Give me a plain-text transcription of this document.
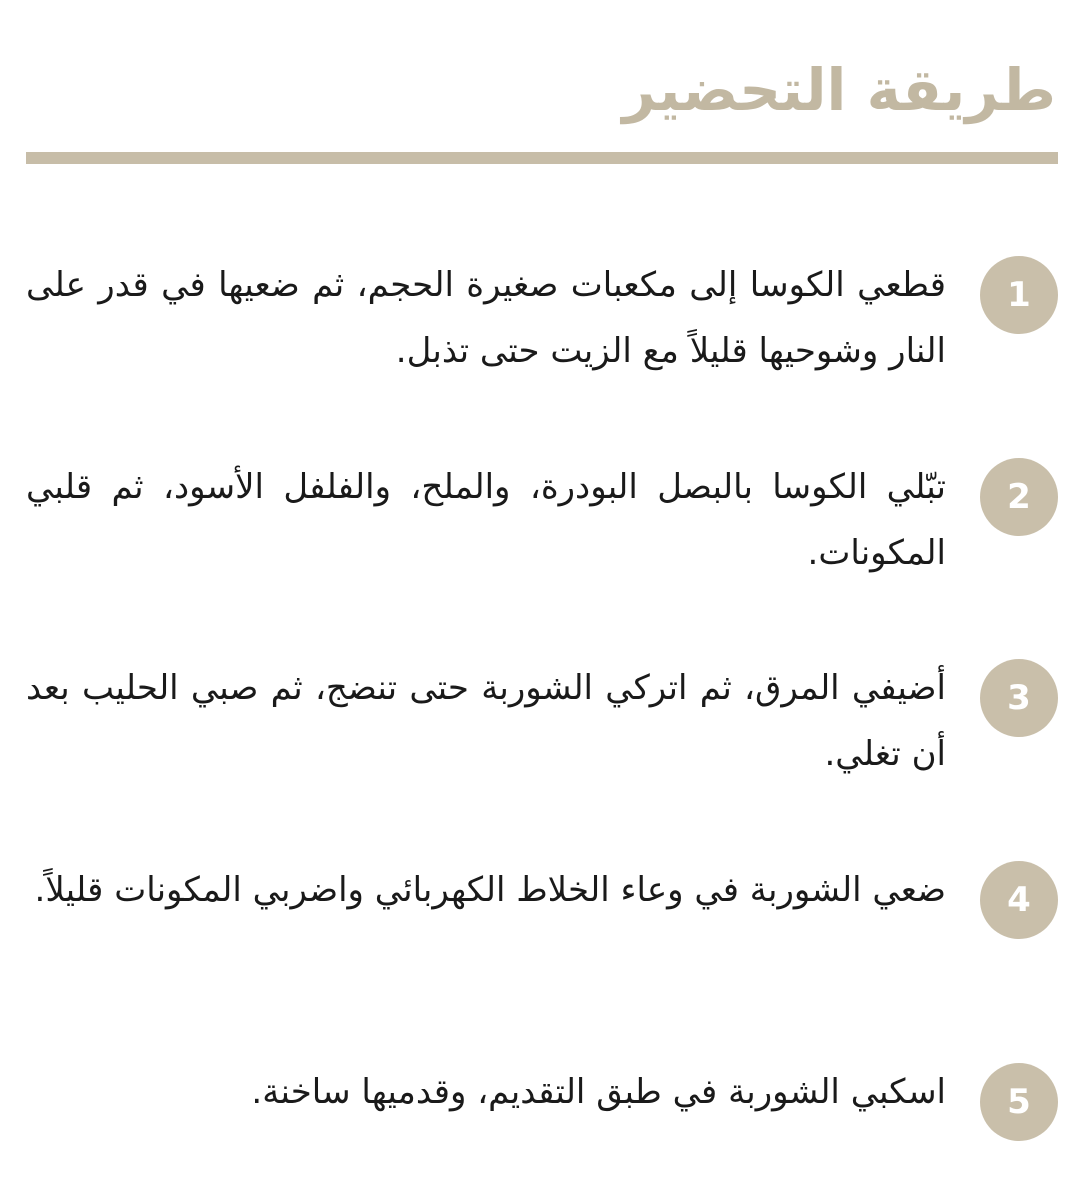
طريقة التحضير
1

قطعي الكوسا إلى مكعبات صغيرة الحجم، ثم ضعيها في قدر على النار وشوحيها قليلاً مع الزيت حتى تذبل.

2

تبّلي الكوسا بالبصل البودرة، والملح، والفلفل الأسود، ثم قلبي المكونات.

3

أضيفي المرق، ثم اتركي الشوربة حتى تنضج، ثم صبي الحليب بعد أن تغلي.

4

ضعي الشوربة في وعاء الخلاط الكهربائي واضربي المكونات قليلاً.

5

اسكبي الشوربة في طبق التقديم، وقدميها ساخنة.
